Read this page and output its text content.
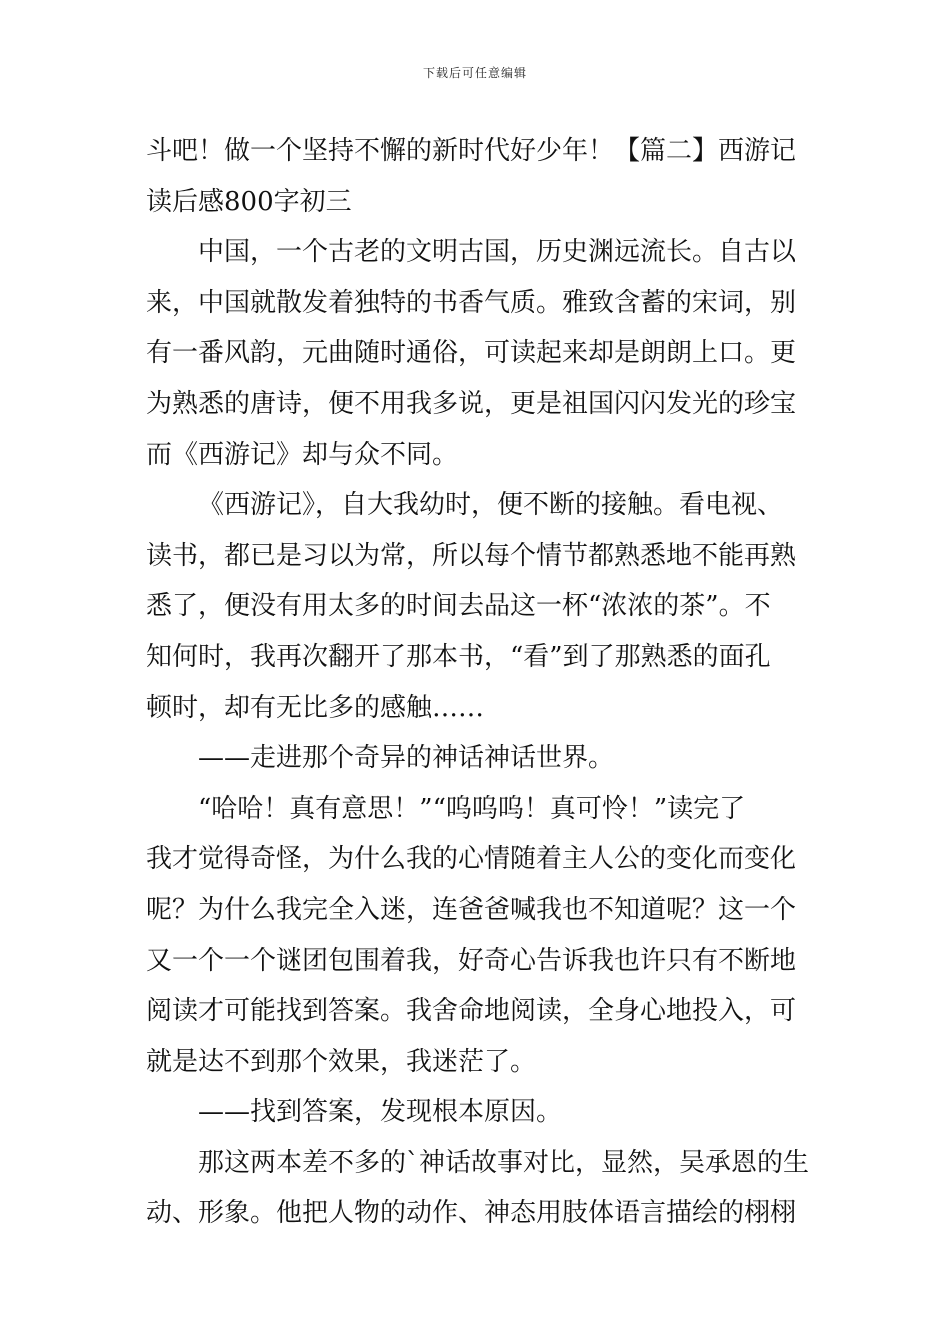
下载后可任意编辑
斗吧！做一个坚持不懈的新时代好少年！【篇二】西游记
读后感800字初三
中国，一个古老的文明古国，历史渊远流长。自古以
来，中国就散发着独特的书香气质。雅致含蓄的宋词，别
有一番风韵，元曲随时通俗，可读起来却是朗朗上口。更
为熟悉的唐诗，便不用我多说，更是祖国闪闪发光的珍宝
而《西游记》却与众不同。
《西游记》，自大我幼时，便不断的接触。看电视、
读书，都已是习以为常，所以每个情节都熟悉地不能再熟
悉了，便没有用太多的时间去品这一杯“浓浓的茶”。不
知何时，我再次翻开了那本书，“看”到了那熟悉的面孔
顿时，却有无比多的感触……
——走进那个奇异的神话神话世界。
“哈哈！真有意思！”“呜呜呜！真可怜！”读完了
我才觉得奇怪，为什么我的心情随着主人公的变化而变化
呢？为什么我完全入迷，连爸爸喊我也不知道呢？这一个
又一个一个谜团包围着我，好奇心告诉我也许只有不断地
阅读才可能找到答案。我舍命地阅读，全身心地投入，可
就是达不到那个效果，我迷茫了。
——找到答案，发现根本原因。
那这两本差不多的`神话故事对比，显然，吴承恩的生
动、形象。他把人物的动作、神态用肢体语言描绘的栩栩
